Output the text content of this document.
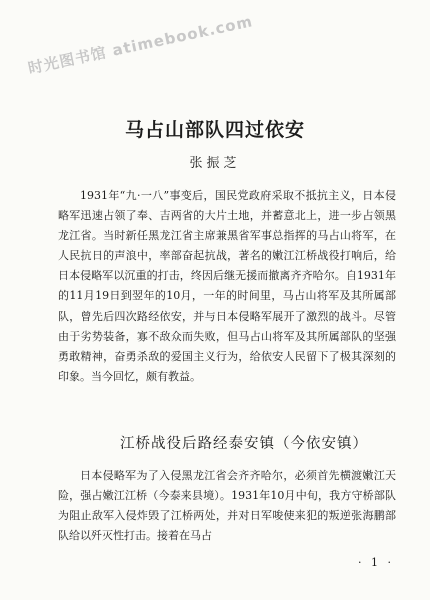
时光图书馆 atimebook.com
马占山部队四过依安
张振芝

1931年“九·一八”事变后，国民党政府采取不抵抗主义，日本侵略军迅速占领了奉、吉两省的大片土地，并蓄意北上，进一步占领黑龙江省。当时新任黑龙江省主席兼黑省军事总指挥的马占山将军，在人民抗日的声浪中，率部奋起抗战，著名的嫩江江桥战役打响后，给日本侵略军以沉重的打击，终因后继无援而撤离齐齐哈尔。自1931年的11月19日到翌年的10月，一年的时间里，马占山将军及其所属部队，曾先后四次路经依安，并与日本侵略军展开了激烈的战斗。尽管由于劣势装备，寡不敌众而失败，但马占山将军及其所属部队的坚强勇敢精神，奋勇杀敌的爱国主义行为，给依安人民留下了极其深刻的印象。当今回忆，颇有教益。

江桥战役后路经泰安镇（今依安镇）

日本侵略军为了入侵黑龙江省会齐齐哈尔，必须首先横渡嫩江天险，强占嫩江江桥（今泰来县境）。1931年10月中旬，我方守桥部队为阻止敌军入侵炸毁了江桥两处，并对日军唆使来犯的叛逆张海鹏部队给以歼灭性打击。接着在马占

· 1 ·
